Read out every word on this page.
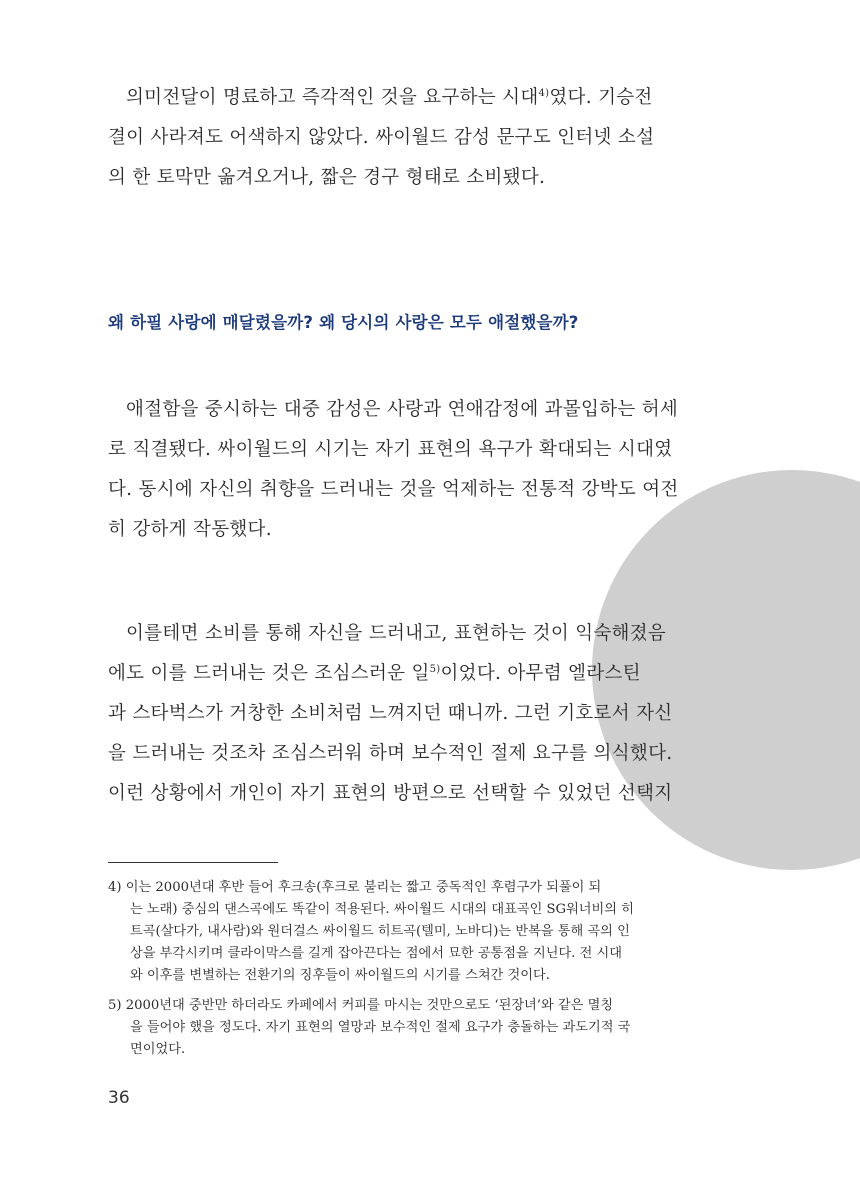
의미전달이 명료하고 즉각적인 것을 요구하는 시대$^{4)}$였다. 기승전
결이 사라져도 어색하지 않았다. 싸이월드 감성 문구도 인터넷 소설
의 한 토막만 옮겨오거나, 짧은 경구 형태로 소비됐다.
왜 하필 사랑에 매달렸을까? 왜 당시의 사랑은 모두 애절했을까?
애절함을 중시하는 대중 감성은 사랑과 연애감정에 과몰입하는 허세
로 직결됐다. 싸이월드의 시기는 자기 표현의 욕구가 확대되는 시대였
다. 동시에 자신의 취향을 드러내는 것을 억제하는 전통적 강박도 여전
히 강하게 작동했다.
이를테면 소비를 통해 자신을 드러내고, 표현하는 것이 익숙해졌음
에도 이를 드러내는 것은 조심스러운 일$^{5)}$이었다. 아무렴 엘라스틴
과 스타벅스가 거창한 소비처럼 느껴지던 때니까. 그런 기호로서 자신
을 드러내는 것조차 조심스러워 하며 보수적인 절제 요구를 의식했다.
이런 상황에서 개인이 자기 표현의 방편으로 선택할 수 있었던 선택지
4) 이는 2000년대 후반 들어 후크송(후크로 불리는 짧고 중독적인 후렴구가 되풀이 되
는 노래) 중심의 댄스곡에도 똑같이 적용된다. 싸이월드 시대의 대표곡인 SG워너비의 히
트곡(살다가, 내사람)와 원더걸스 싸이월드 히트곡(텔미, 노바디)는 반복을 통해 곡의 인
상을 부각시키며 클라이막스를 길게 잡아끈다는 점에서 묘한 공통점을 지닌다. 전 시대
와 이후를 변별하는 전환기의 징후들이 싸이월드의 시기를 스쳐간 것이다.
5) 2000년대 중반만 하더라도 카페에서 커피를 마시는 것만으로도 ‘된장녀’와 같은 멸칭
을 들어야 했을 정도다. 자기 표현의 열망과 보수적인 절제 요구가 충돌하는 과도기적 국
면이었다.
36
